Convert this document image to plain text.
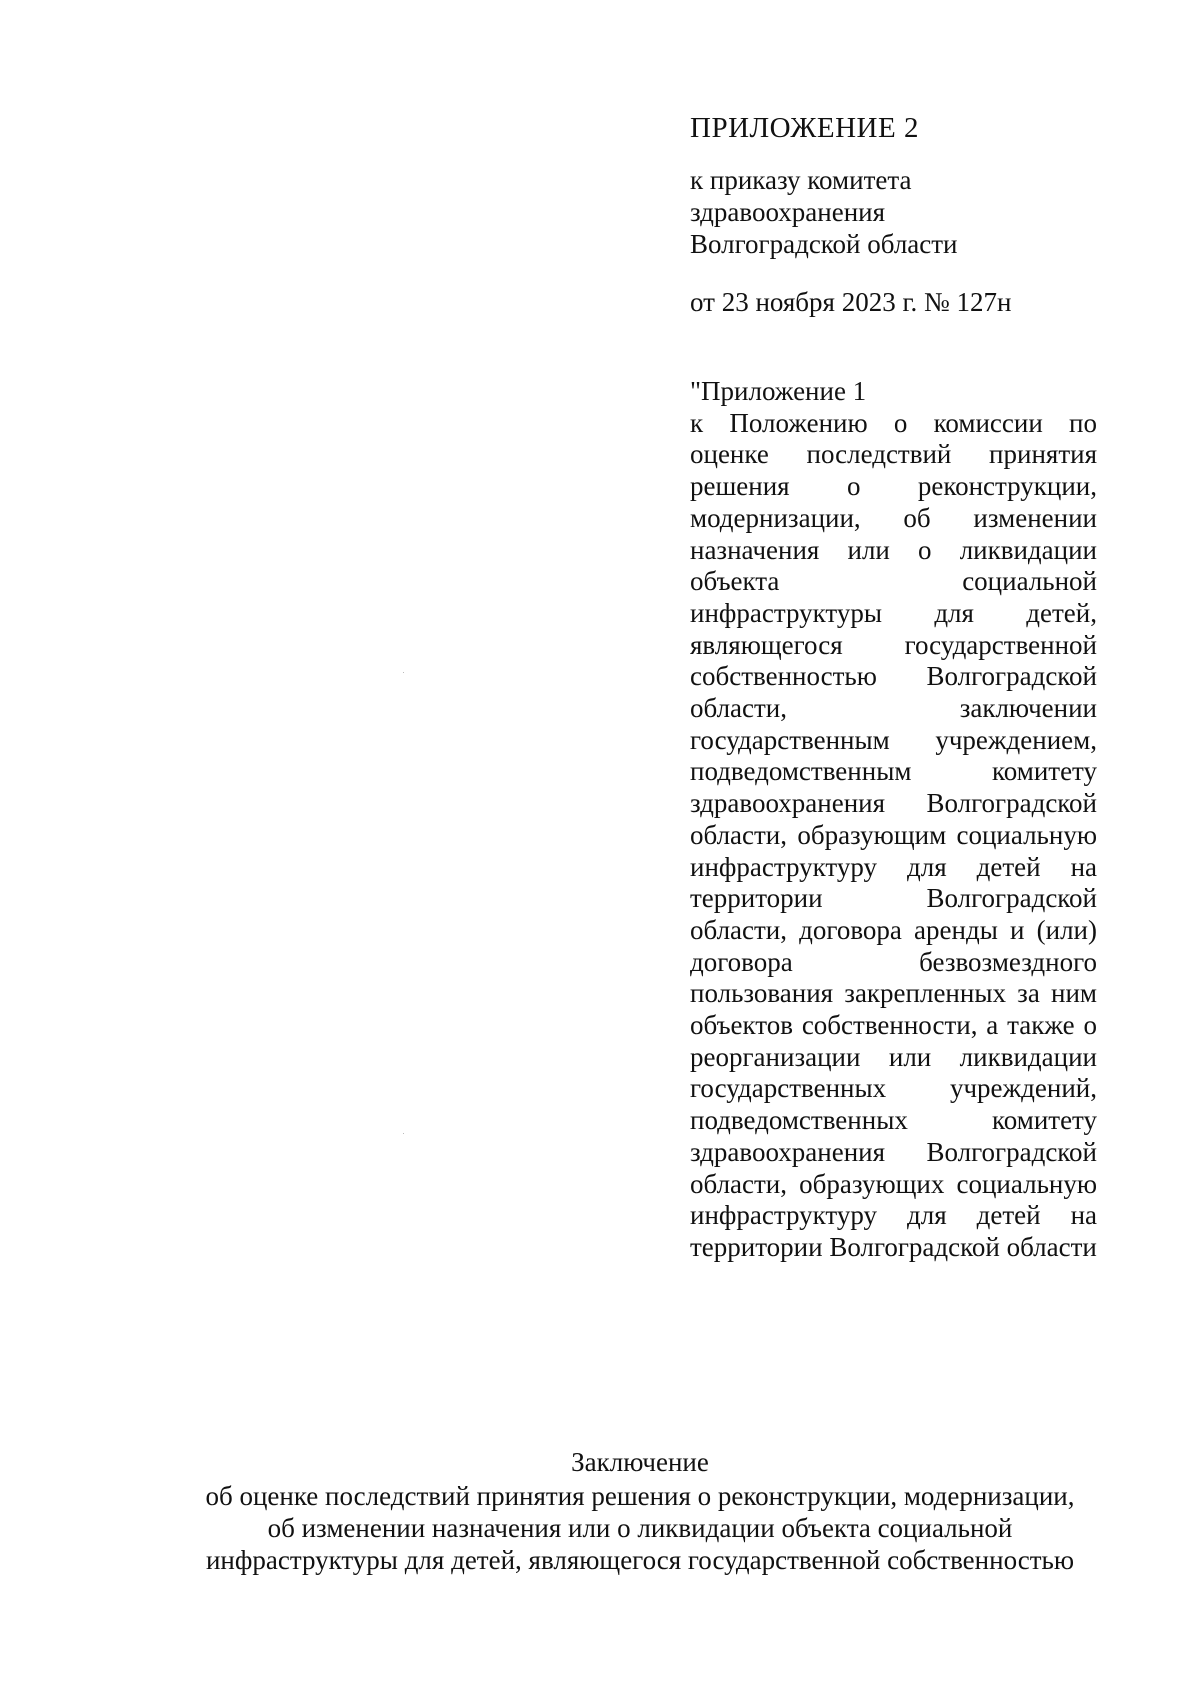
ПРИЛОЖЕНИЕ 2

к приказу комитета

здравоохранения

Волгоградской области

от 23 ноября 2023 г. № 127н

"Приложение 1

к Положению о комиссии по оценке последствий принятия решения о реконструкции, модернизации, об изменении назначения или о ликвидации объекта социальной инфраструктуры для детей, являющегося государственной собственностью Волгоградской области, заключении государственным учреждением, подведомственным комитету здравоохранения Волгоградской области, образующим социальную инфраструктуру для детей на территории Волгоградской области, договора аренды и (или) договора безвозмездного пользования закрепленных за ним объектов собственности, а также о реорганизации или ликвидации государственных учреждений, подведомственных комитету здравоохранения Волгоградской области, образующих социальную инфраструктуру для детей на территории Волгоградской области

Заключение

об оценке последствий принятия решения о реконструкции, модернизации,

об изменении назначения или о ликвидации объекта социальной

инфраструктуры для детей, являющегося государственной собственностью
